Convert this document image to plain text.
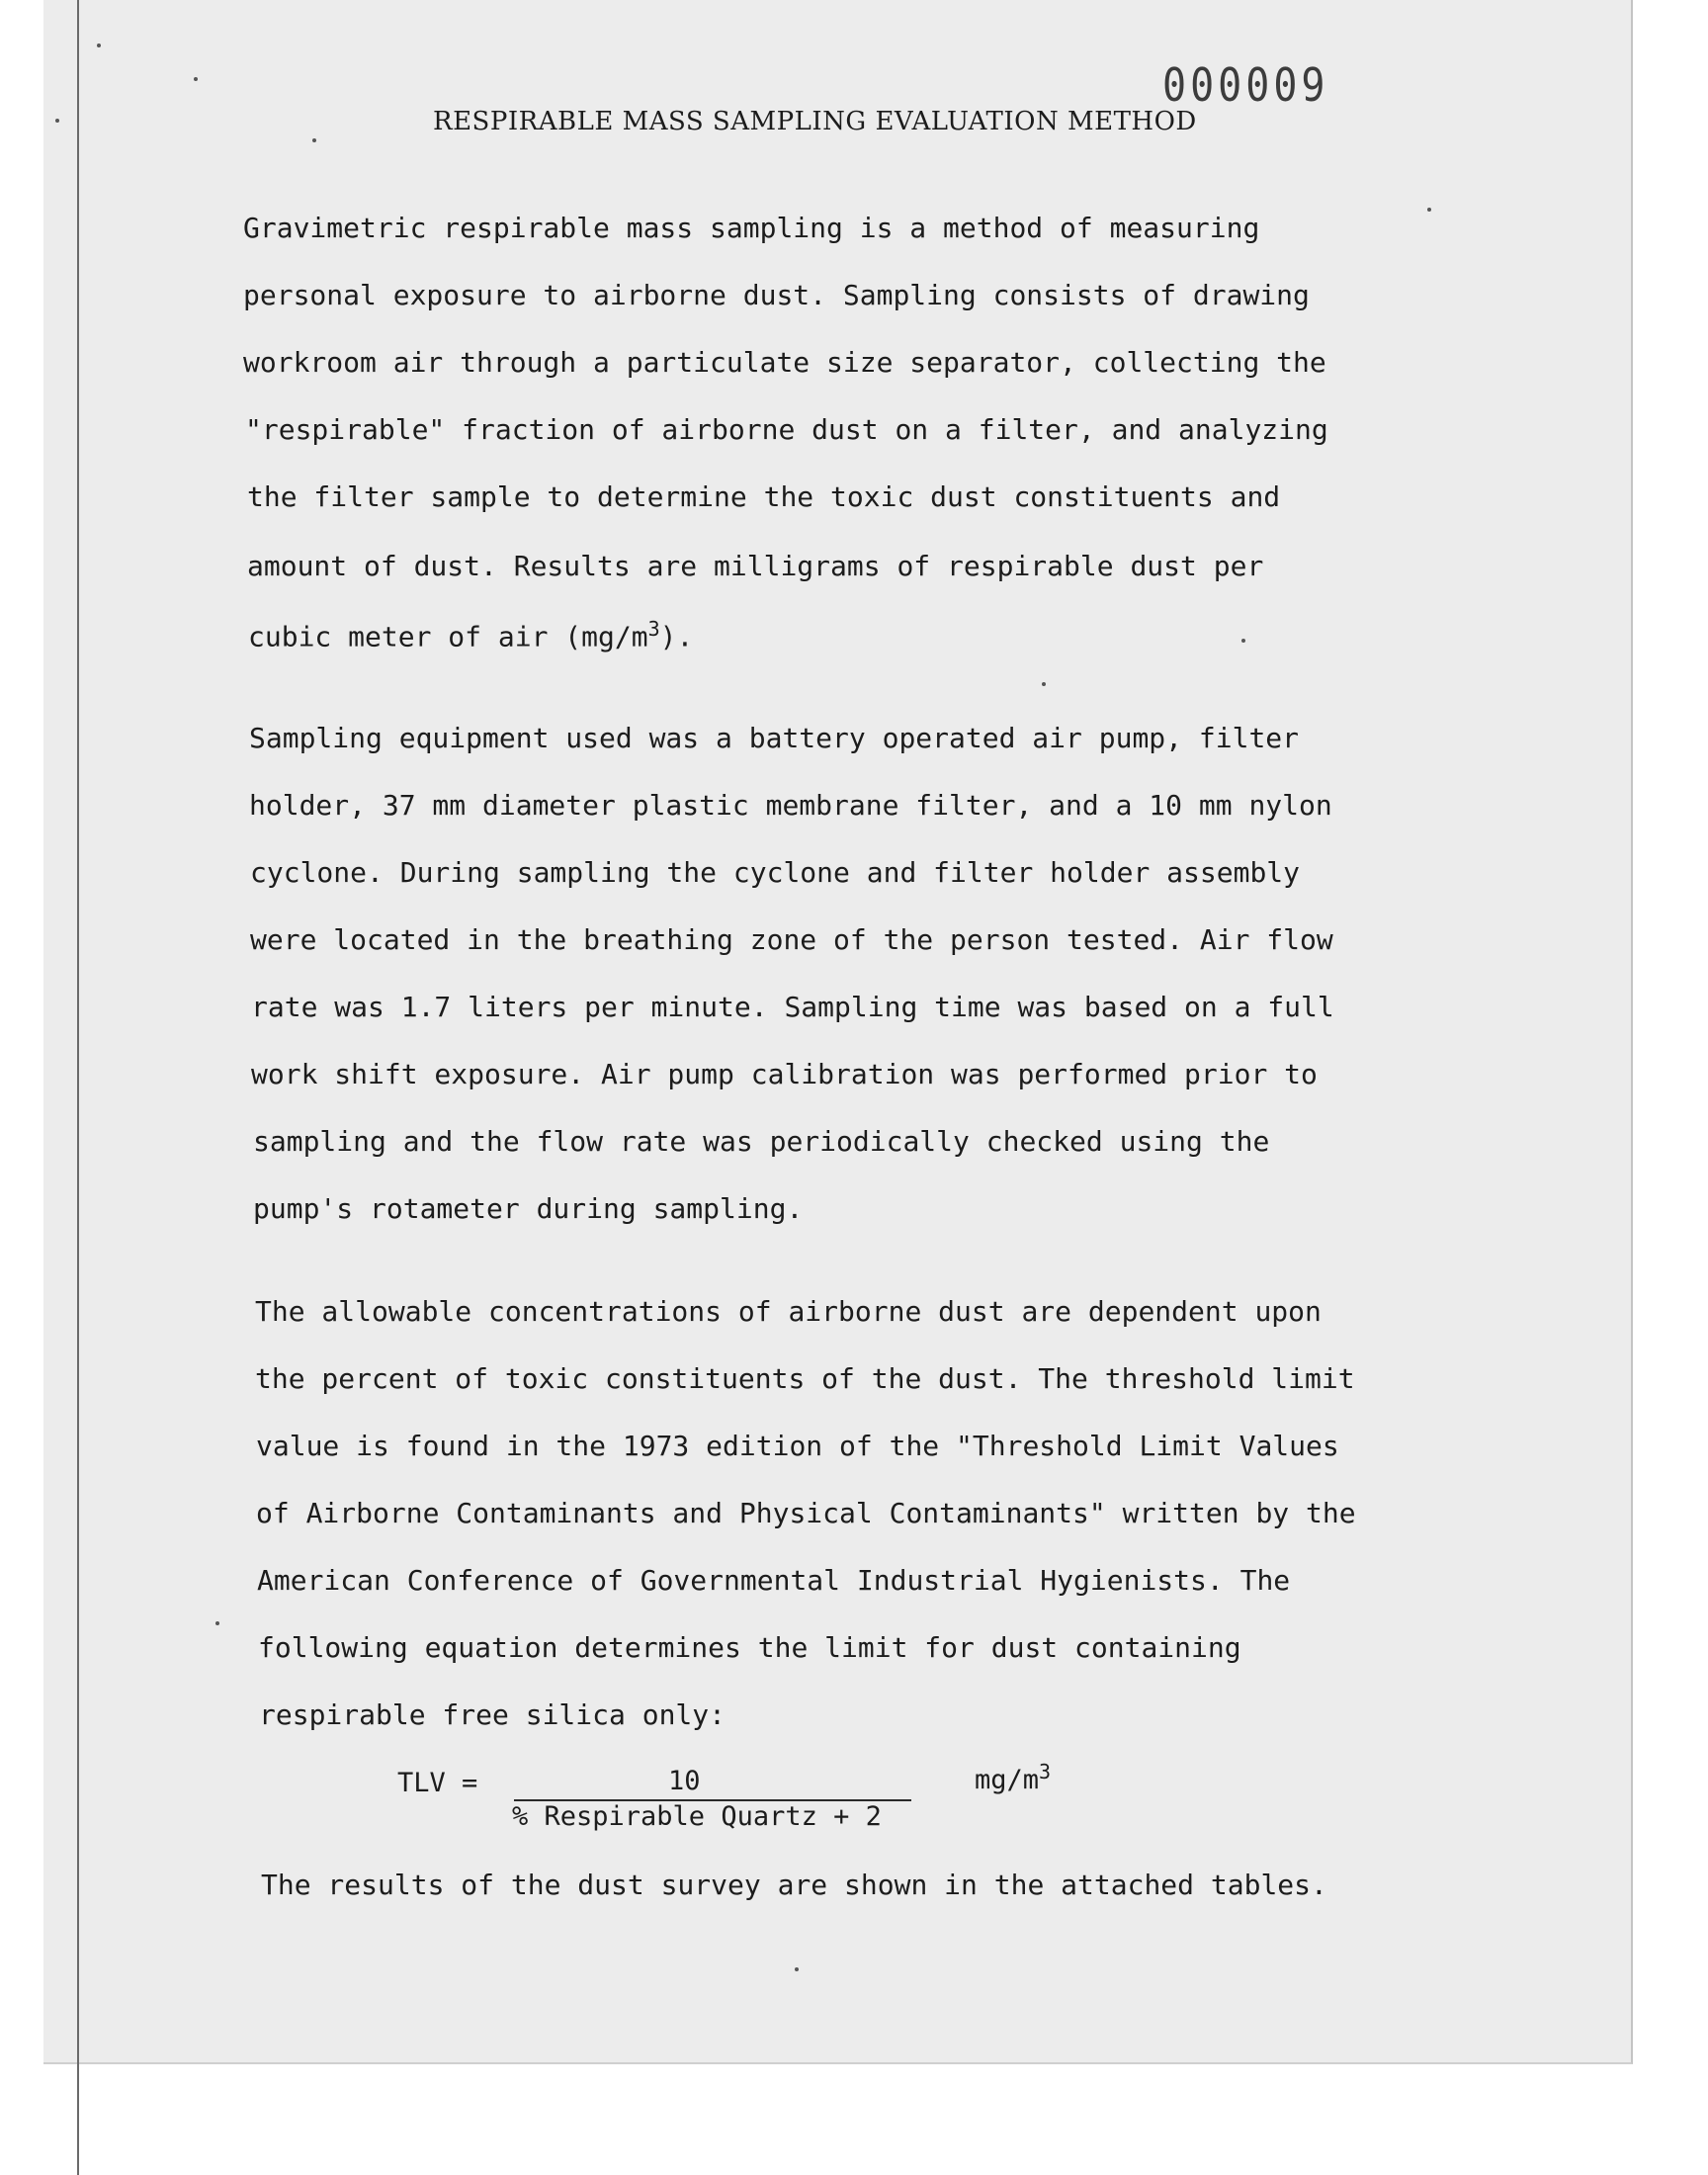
000009
RESPIRABLE MASS SAMPLING EVALUATION METHOD
Gravimetric respirable mass sampling is a method of measuring
personal exposure to airborne dust. Sampling consists of drawing
workroom air through a particulate size separator, collecting the
"respirable" fraction of airborne dust on a filter, and analyzing
the filter sample to determine the toxic dust constituents and
amount of dust. Results are milligrams of respirable dust per
cubic meter of air $(mg/m^3)$.
Sampling equipment used was a battery operated air pump, filter
holder, 37 mm diameter plastic membrane filter, and a 10 mm nylon
cyclone. During sampling the cyclone and filter holder assembly
were located in the breathing zone of the person tested. Air flow
rate was 1.7 liters per minute. Sampling time was based on a full
work shift exposure. Air pump calibration was performed prior to
sampling and the flow rate was periodically checked using the
pump's rotameter during sampling.
The allowable concentrations of airborne dust are dependent upon
the percent of toxic constituents of the dust. The threshold limit
value is found in the 1973 edition of the "Threshold Limit Values
of Airborne Contaminants and Physical Contaminants" written by the
American Conference of Governmental Industrial Hygienists. The
following equation determines the limit for dust containing
respirable free silica only:
TLV =	10
% Respirable Quartz + 2
$mg/m^3$
The results of the dust survey are shown in the attached tables.
